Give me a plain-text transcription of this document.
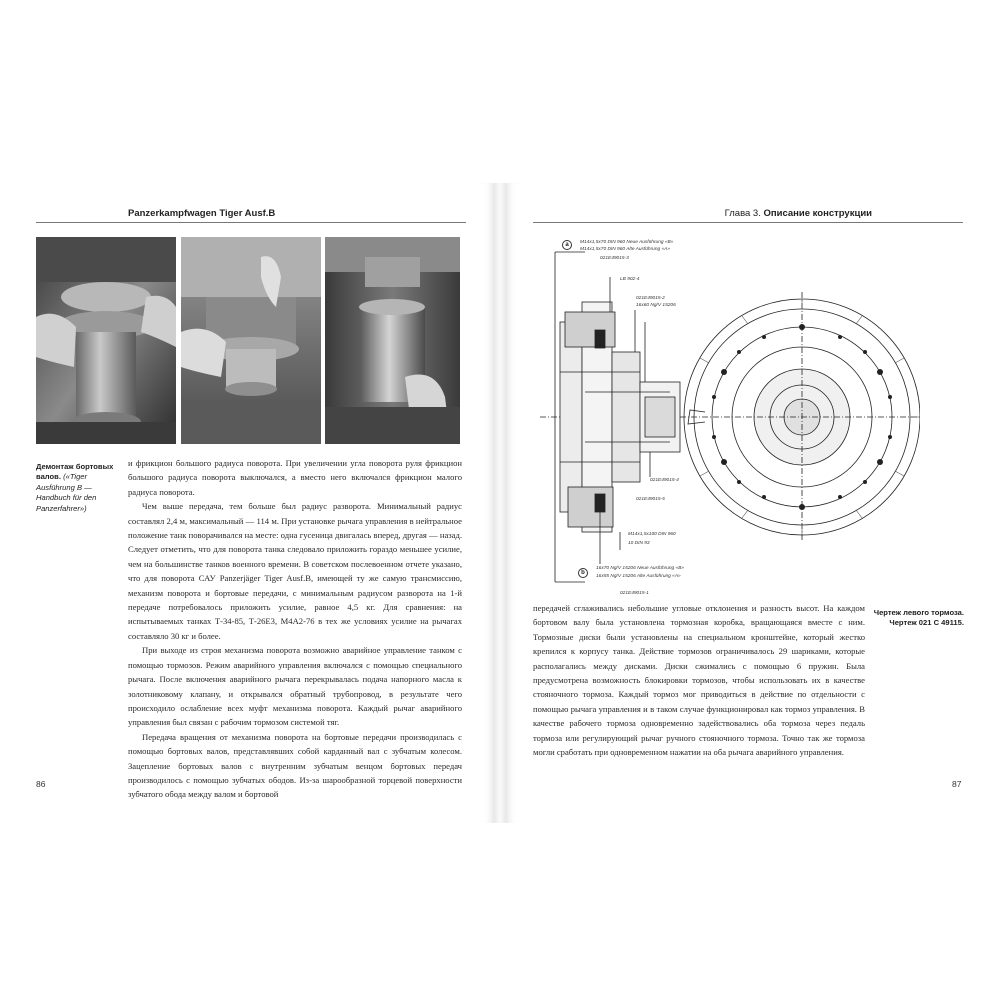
Panzerkampfwagen Tiger Ausf.B	Глава 3. Описание конструкции
Демонтаж бортовых валов. («Tiger Ausführung B — Handbuch für den Panzerfahrer»)

и фрикцион большого радиуса поворота. При увеличении угла поворота руля фрикцион большого радиуса поворота выключался, а вместо него включался фрикцион малого радиуса поворота.

Чем выше передача, тем больше был радиус разворота. Минимальный радиус составлял 2,4 м, максимальный — 114 м. При установке рычага управления в нейтральное положение танк поворачивался на месте: одна гусеница двигалась вперед, другая — назад. Следует отметить, что для поворота танка следовало приложить гораздо меньшее усилие, чем на большинстве танков военного времени. В советском послевоенном отчете указано, что для поворота САУ Panzerjäger Tiger Ausf.B, имеющей ту же самую трансмиссию, механизм поворота и бортовые передачи, с минимальным радиусом разворота на 1-й передаче потребовалось приложить усилие, равное 4,5 кг. Для сравнения: на испытываемых танках Т-34-85, Т-26Е3, М4А2-76 в тех же условиях усилие на рычагах составляло 30 кг и более.

При выходе из строя механизма поворота возможно аварийное управление танком с помощью тормозов. Режим аварийного управления включался с помощью специального рычага. После включения аварийного рычага перекрывалась подача напорного масла к золотниковому клапану, и открывался обратный трубопровод, в результате чего происходило ослабление всех муфт механизма поворота. Каждый рычаг аварийного управления был связан с рабочим тормозом системой тяг.

Передача вращения от механизма поворота на бортовые передачи производилась с помощью бортовых валов, представлявших собой карданный вал с зубчатым колесом. Зацепление бортовых валов с внутренним зубчатым венцом бортовых передач производилось с помощью зубчатых ободов. Из-за шарообразной торцевой поверхности зубчатого обода между валом и бортовой

86
a	M14x1,5x70 DIN 960 Neue Ausführung «B»
M14x1,5x70 DIN 960 Alte Ausführung «A»
021E49015-3
LB 902-4
021E49015-2
16x60 Ng/V 15206
021E49015-4
021E49015-5
M14x1,5x100 DIN 960
10 DIN 93
b
16x70 Ng/V 15206 Neue Ausführung «B»
16x55 Ng/V 15206 Alte Ausführung «A»
021E49015-1
Чертеж левого тормоза.
Чертеж 021 С 49115.

передачей сглаживались небольшие угловые отклонения и разность высот. На каждом бортовом валу была установлена тормозная коробка, вращающаяся вместе с ним. Тормозные диски были установлены на специальном кронштейне, который жестко крепился к корпусу танка. Действие тормозов ограничивалось 29 шариками, которые располагались между дисками. Диски сжимались с помощью 6 пружин. Была предусмотрена возможность блокировки тормозов, чтобы использовать их в качестве стояночного тормоза. Каждый тормоз мог приводиться в действие по отдельности с помощью рычага управления и в таком случае функционировал как тормоз управления. В качестве рабочего тормоза одновременно задействовались оба тормоза через педаль тормоза или регулирующий рычаг ручного стояночного тормоза. Точно так же тормоза могли сработать при одновременном нажатии на оба рычага аварийного управления.

87
